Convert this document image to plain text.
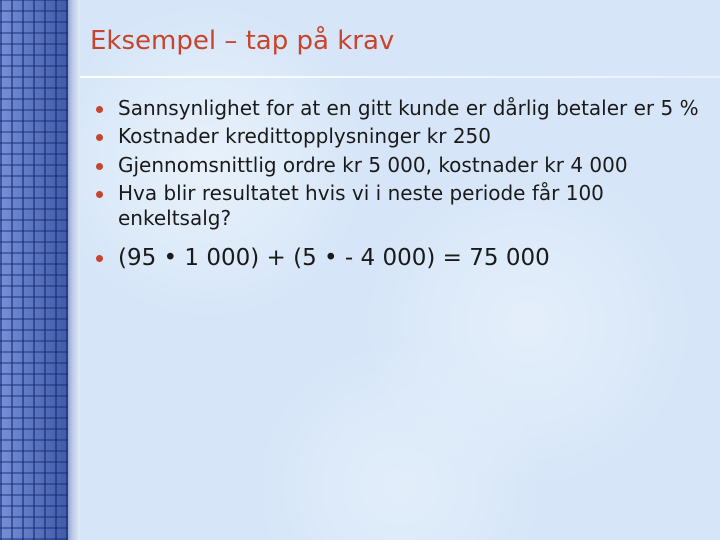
Eksempel – tap på krav
Sannsynlighet for at en gitt kunde er dårlig betaler er 5 %
Kostnader kredittopplysninger kr 250
Gjennomsnittlig ordre kr 5 000, kostnader kr 4 000
Hva blir resultatet hvis vi i neste periode får 100 enkeltsalg?
(95 • 1 000) + (5 • - 4 000) = 75 000
